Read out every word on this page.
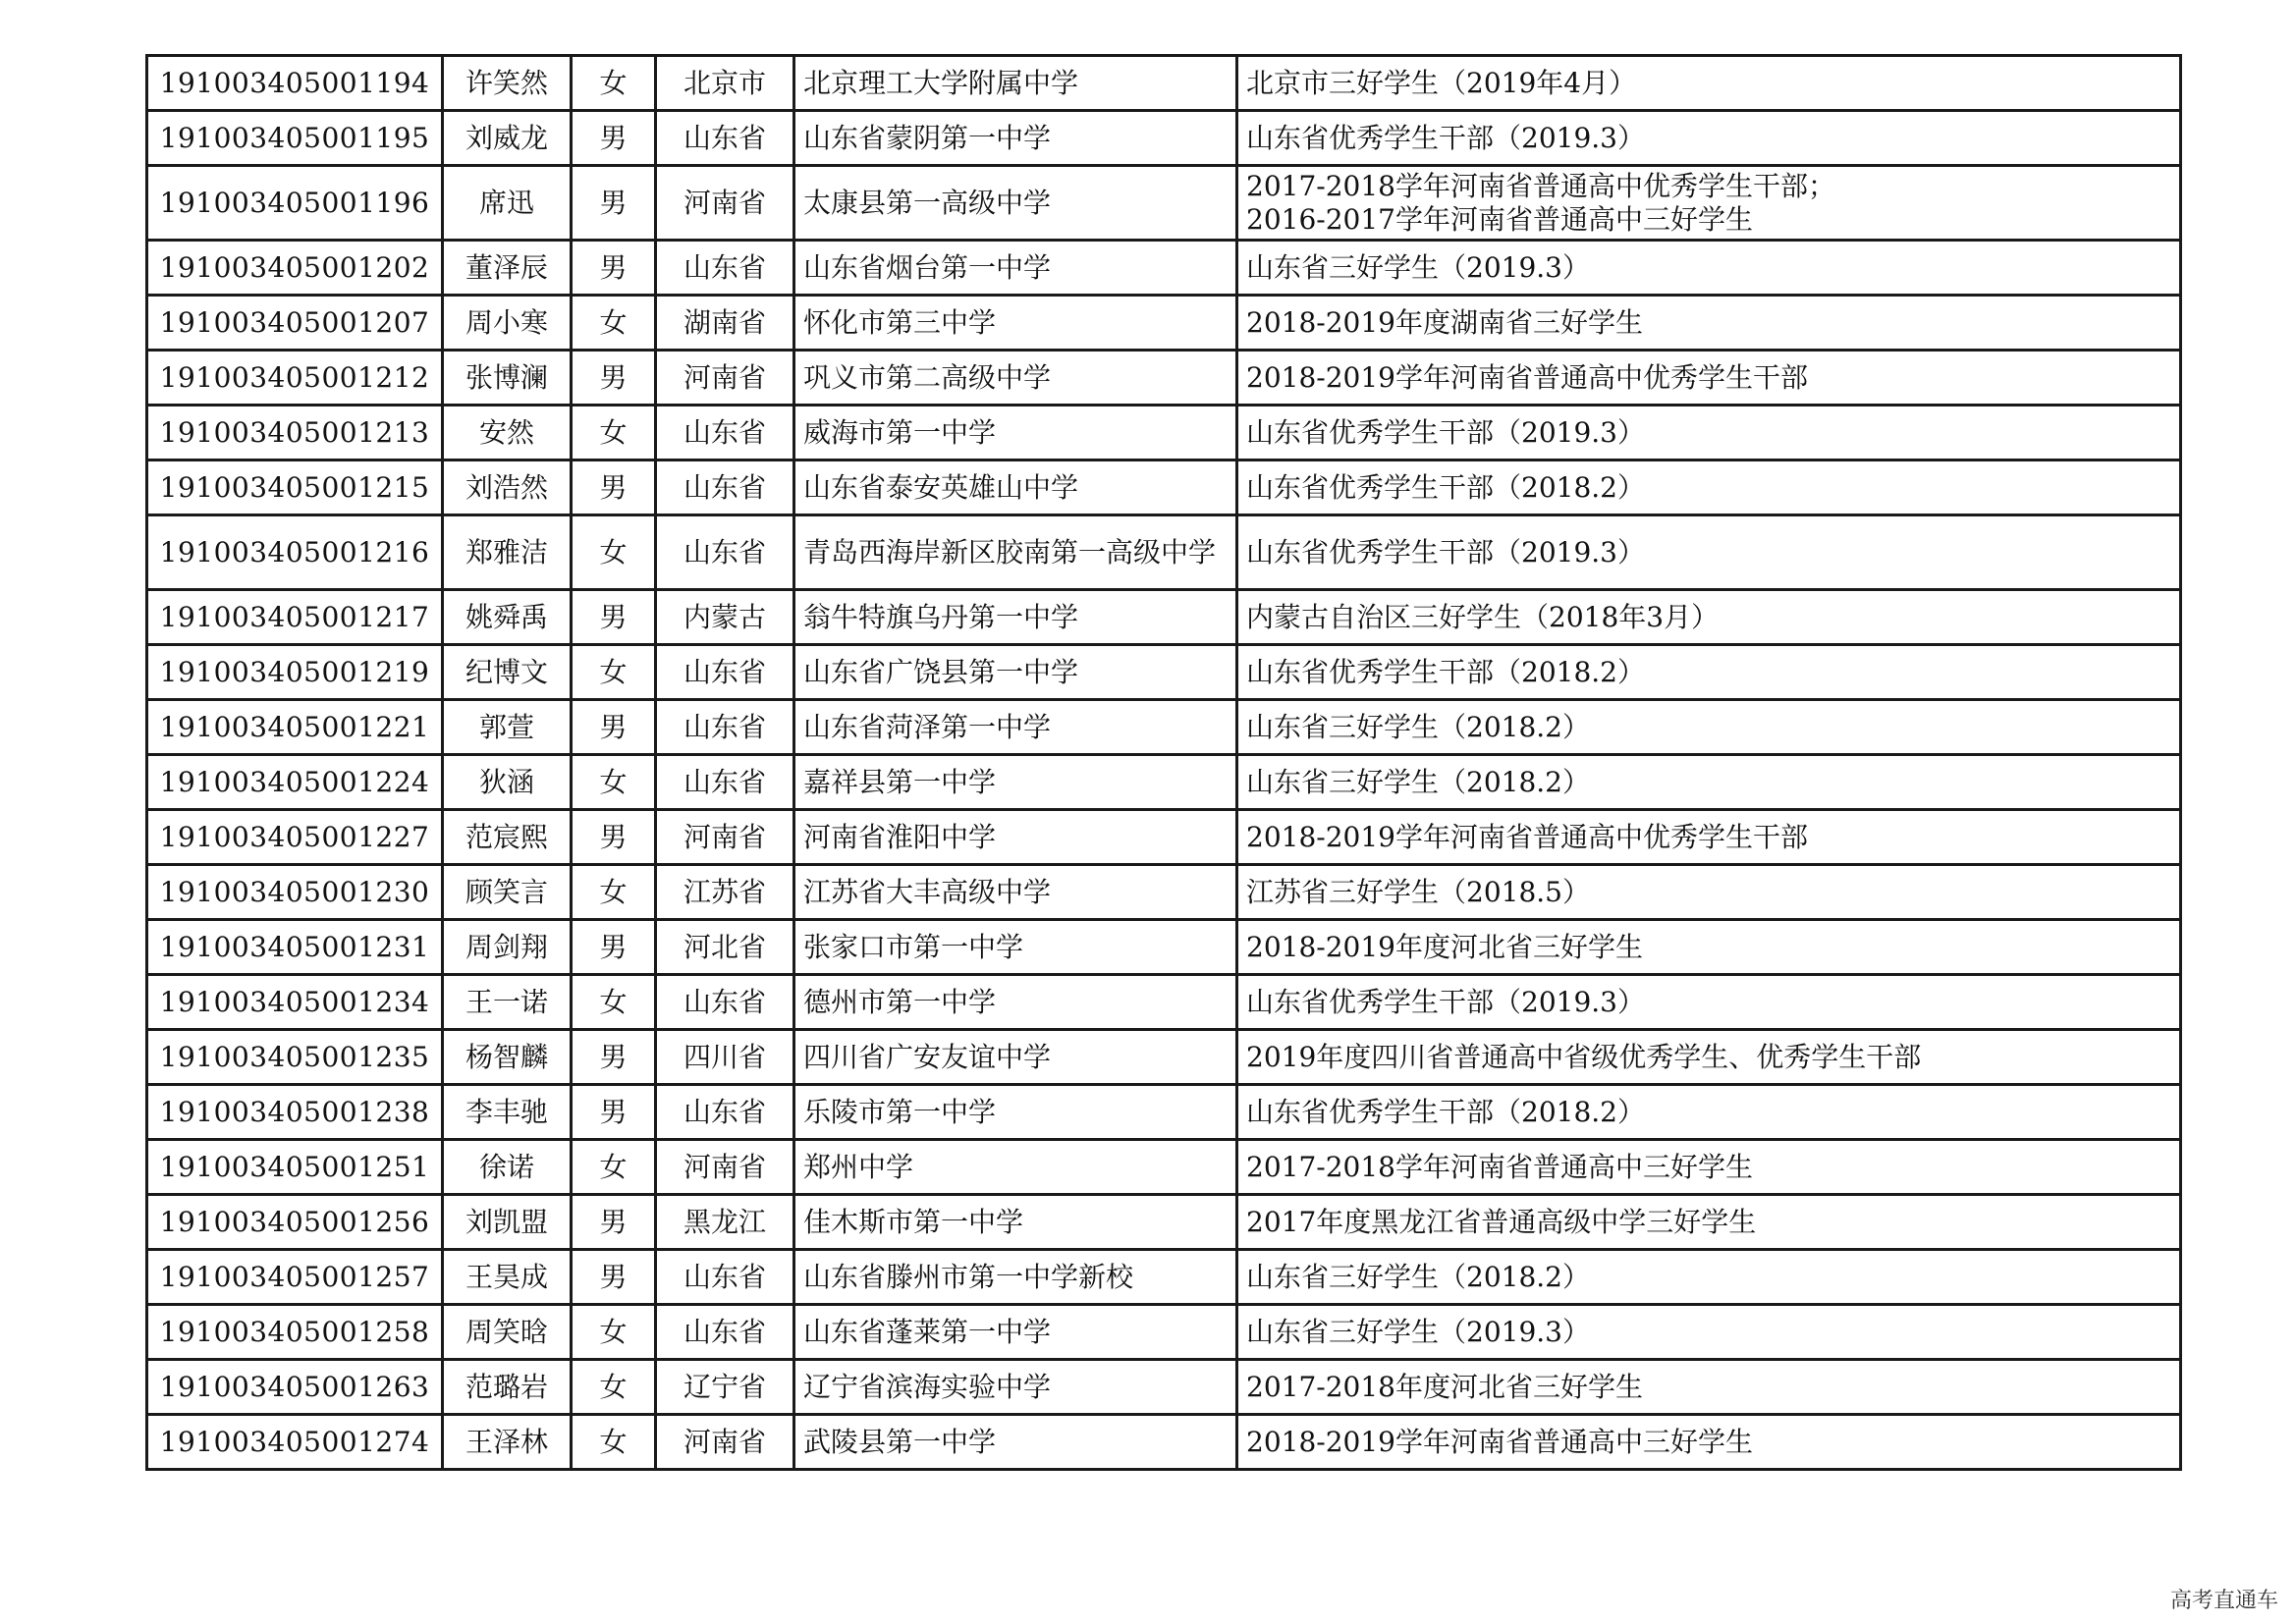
191003405001194	许笑然	女	北京市	北京理工大学附属中学	北京市三好学生（2019年4月）
191003405001195	刘威龙	男	山东省	山东省蒙阴第一中学	山东省优秀学生干部（2019.3）
191003405001196	席迅	男	河南省	太康县第一高级中学	2017-2018学年河南省普通高中优秀学生干部；
2016-2017学年河南省普通高中三好学生
191003405001202	董泽辰	男	山东省	山东省烟台第一中学	山东省三好学生（2019.3）
191003405001207	周小寒	女	湖南省	怀化市第三中学	2018-2019年度湖南省三好学生
191003405001212	张博澜	男	河南省	巩义市第二高级中学	2018-2019学年河南省普通高中优秀学生干部
191003405001213	安然	女	山东省	威海市第一中学	山东省优秀学生干部（2019.3）
191003405001215	刘浩然	男	山东省	山东省泰安英雄山中学	山东省优秀学生干部（2018.2）
191003405001216	郑雅洁	女	山东省	青岛西海岸新区胶南第一高级中学	山东省优秀学生干部（2019.3）
191003405001217	姚舜禹	男	内蒙古	翁牛特旗乌丹第一中学	内蒙古自治区三好学生（2018年3月）
191003405001219	纪博文	女	山东省	山东省广饶县第一中学	山东省优秀学生干部（2018.2）
191003405001221	郭萱	男	山东省	山东省菏泽第一中学	山东省三好学生（2018.2）
191003405001224	狄涵	女	山东省	嘉祥县第一中学	山东省三好学生（2018.2）
191003405001227	范宸熙	男	河南省	河南省淮阳中学	2018-2019学年河南省普通高中优秀学生干部
191003405001230	顾笑言	女	江苏省	江苏省大丰高级中学	江苏省三好学生（2018.5）
191003405001231	周剑翔	男	河北省	张家口市第一中学	2018-2019年度河北省三好学生
191003405001234	王一诺	女	山东省	德州市第一中学	山东省优秀学生干部（2019.3）
191003405001235	杨智麟	男	四川省	四川省广安友谊中学	2019年度四川省普通高中省级优秀学生、优秀学生干部
191003405001238	李丰驰	男	山东省	乐陵市第一中学	山东省优秀学生干部（2018.2）
191003405001251	徐诺	女	河南省	郑州中学	2017-2018学年河南省普通高中三好学生
191003405001256	刘凯盟	男	黑龙江	佳木斯市第一中学	2017年度黑龙江省普通高级中学三好学生
191003405001257	王昊成	男	山东省	山东省滕州市第一中学新校	山东省三好学生（2018.2）
191003405001258	周笑晗	女	山东省	山东省蓬莱第一中学	山东省三好学生（2019.3）
191003405001263	范璐岩	女	辽宁省	辽宁省滨海实验中学	2017-2018年度河北省三好学生
191003405001274	王泽林	女	河南省	武陵县第一中学	2018-2019学年河南省普通高中三好学生
高考直通车
